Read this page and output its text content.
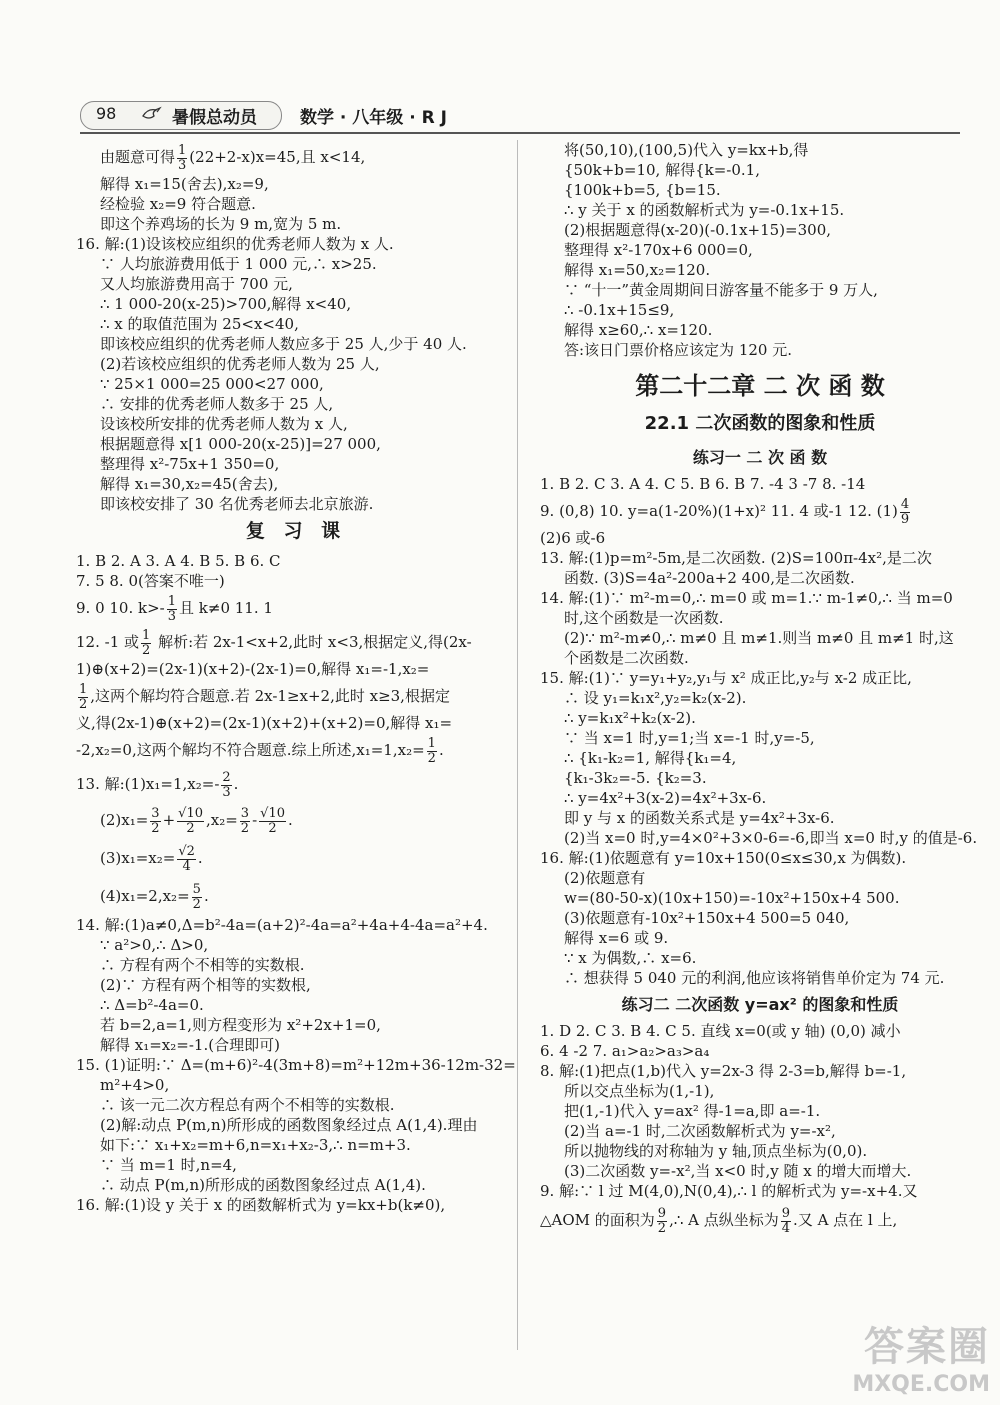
98	暑假总动员	数学 · 八年级 · R J
由题意可得 $\frac{1}{3} (22+2-x)x=45$,且 x<14,
解得 x₁=15(舍去),x₂=9,
经检验 x₂=9 符合题意.
即这个养鸡场的长为 9 m,宽为 5 m.
16. 解:(1)设该校应组织的优秀老师人数为 x 人.
∵ 人均旅游费用低于 1 000 元,∴ x>25.
又人均旅游费用高于 700 元,
∴ 1 000-20(x-25)>700,解得 x<40,
∴ x 的取值范围为 25<x<40,
即该校应组织的优秀老师人数应多于 25 人,少于 40 人.
(2)若该校应组织的优秀老师人数为 25 人,
∵ 25×1 000=25 000<27 000,
∴ 安排的优秀老师人数多于 25 人,
设该校所安排的优秀老师人数为 x 人,
根据题意得 x[1 000-20(x-25)]=27 000,
整理得 x²-75x+1 350=0,
解得 x₁=30,x₂=45(舍去),
即该校安排了 30 名优秀老师去北京旅游.
复 习 课
1. B 2. A 3. A 4. B 5. B 6. C
7. 5 8. 0(答案不唯一)
9. 0 10. $k>- \frac{1}{3}$ 且 k≠0 11. 1
12. -1 或 $\frac{1}{2}$ 解析:若 2x-1<x+2,此时 x<3,根据定义,得(2x-
1)⊕(x+2)=(2x-1)(x+2)-(2x-1)=0,解得 x₁=-1,x₂=
$\frac{1}{2}$ ,这两个解均符合题意.若 2x-1≥x+2,此时 x≥3,根据定
义,得(2x-1)⊕(x+2)=(2x-1)(x+2)+(x+2)=0,解得 x₁=
-2,x₂=0,这两个解均不符合题意.综上所述$,x_1=1,x_2= \frac{1}{2}$ .
13. 解:(1)x₁=1,x₂=- $\frac{2}{3}$ .
$(2)x_1= \frac{3}{2} + \frac{√10}{2} ,x_2= \frac{3}{2} - \frac{√10}{2}$ .
$(3)x_1=x_2= \frac{√2}{4}$ .
$(4)x_1=2,x_2= \frac{5}{2}$ .
14. 解:(1)a≠0,Δ=b²-4a=(a+2)²-4a=a²+4a+4-4a=a²+4.
∵ a²>0,∴ Δ>0,
∴ 方程有两个不相等的实数根.
(2)∵ 方程有两个相等的实数根,
∴ Δ=b²-4a=0.
若 b=2,a=1,则方程变形为 x²+2x+1=0,
解得 x₁=x₂=-1.(合理即可)
15. (1)证明:∵ Δ=(m+6)²-4(3m+8)=m²+12m+36-12m-32=
m²+4>0,
∴ 该一元二次方程总有两个不相等的实数根.
(2)解:动点 P(m,n)所形成的函数图象经过点 A(1,4).理由
如下:∵ x₁+x₂=m+6,n=x₁+x₂-3,∴ n=m+3.
∵ 当 m=1 时,n=4,
∴ 动点 P(m,n)所形成的函数图象经过点 A(1,4).
16. 解:(1)设 y 关于 x 的函数解析式为 y=kx+b(k≠0),
将(50,10),(100,5)代入 y=kx+b,得
{50k+b=10, 解得{k=-0.1,
{100k+b=5, {b=15.
∴ y 关于 x 的函数解析式为 y=-0.1x+15.
(2)根据题意得(x-20)(-0.1x+15)=300,
整理得 x²-170x+6 000=0,
解得 x₁=50,x₂=120.
∵ “十一”黄金周期间日游客量不能多于 9 万人,
∴ -0.1x+15≤9,
解得 x≥60,∴ x=120.
答:该日门票价格应该定为 120 元.
第二十二章 二 次 函 数
22.1 二次函数的图象和性质
练习一 二 次 函 数
1. B 2. C 3. A 4. C 5. B 6. B 7. -4 3 -7 8. -14
9. (0,8) 10. y=a(1-20%)(1+x)² 11. 4 或-1 12. $(1) \frac{4}{9}$
(2)6 或-6
13. 解:(1)p=m²-5m,是二次函数. (2)S=100π-4x²,是二次
函数. (3)S=4a²-200a+2 400,是二次函数.
14. 解:(1)∵ m²-m=0,∴ m=0 或 m=1.∵ m-1≠0,∴ 当 m=0
时,这个函数是一次函数.
(2)∵ m²-m≠0,∴ m≠0 且 m≠1.则当 m≠0 且 m≠1 时,这
个函数是二次函数.
15. 解:(1)∵ y=y₁+y₂,y₁与 x² 成正比,y₂与 x-2 成正比,
∴ 设 y₁=k₁x²,y₂=k₂(x-2).
∴ y=k₁x²+k₂(x-2).
∵ 当 x=1 时,y=1;当 x=-1 时,y=-5,
∴ {k₁-k₂=1, 解得{k₁=4,
{k₁-3k₂=-5. {k₂=3.
∴ y=4x²+3(x-2)=4x²+3x-6.
即 y 与 x 的函数关系式是 y=4x²+3x-6.
(2)当 x=0 时,y=4×0²+3×0-6=-6,即当 x=0 时,y 的值是-6.
16. 解:(1)依题意有 y=10x+150(0≤x≤30,x 为偶数).
(2)依题意有
w=(80-50-x)(10x+150)=-10x²+150x+4 500.
(3)依题意有-10x²+150x+4 500=5 040,
解得 x=6 或 9.
∵ x 为偶数,∴ x=6.
∴ 想获得 5 040 元的利润,他应该将销售单价定为 74 元.
练习二 二次函数 y=ax² 的图象和性质
1. D 2. C 3. B 4. C 5. 直线 x=0(或 y 轴) (0,0) 减小
6. 4 -2 7. a₁>a₂>a₃>a₄
8. 解:(1)把点(1,b)代入 y=2x-3 得 2-3=b,解得 b=-1,
所以交点坐标为(1,-1),
把(1,-1)代入 y=ax² 得-1=a,即 a=-1.
(2)当 a=-1 时,二次函数解析式为 y=-x²,
所以抛物线的对称轴为 y 轴,顶点坐标为(0,0).
(3)二次函数 y=-x²,当 x<0 时,y 随 x 的增大而增大.
9. 解:∵ l 过 M(4,0),N(0,4),∴ l 的解析式为 y=-x+4.又
△AOM 的面积为 $\frac{9}{2}$ ,∴ A 点纵坐标为 $\frac{9}{4}$ .又 A 点在 l 上,
答案圈
MXQE.COM
